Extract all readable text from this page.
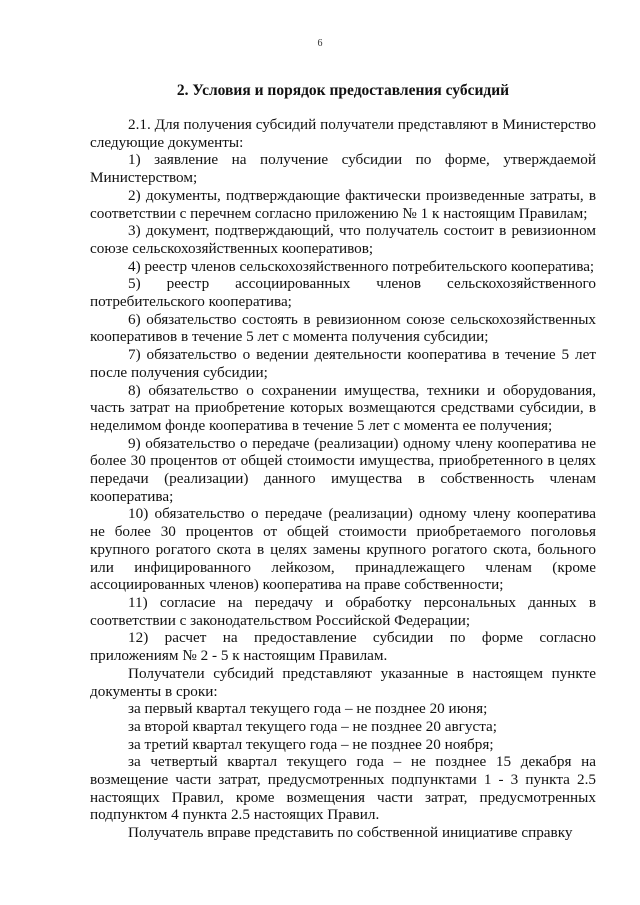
6
2. Условия и порядок предоставления субсидий

2.1. Для получения субсидий получатели представляют в Министерство следующие документы:

1) заявление на получение субсидии по форме, утверждаемой Министерством;

2) документы, подтверждающие фактически произведенные затраты, в соответствии с перечнем согласно приложению № 1 к настоящим Правилам;

3) документ, подтверждающий, что получатель состоит в ревизионном союзе сельскохозяйственных кооперативов;

4) реестр членов сельскохозяйственного потребительского кооператива;

5) реестр ассоциированных членов сельскохозяйственного потребительского кооператива;

6) обязательство состоять в ревизионном союзе сельскохозяйственных кооперативов в течение 5 лет с момента получения субсидии;

7) обязательство о ведении деятельности кооператива в течение 5 лет после получения субсидии;

8) обязательство о сохранении имущества, техники и оборудования, часть затрат на приобретение которых возмещаются средствами субсидии, в неделимом фонде кооператива в течение 5 лет с момента ее получения;

9) обязательство о передаче (реализации) одному члену кооператива не более 30 процентов от общей стоимости имущества, приобретенного в целях передачи (реализации) данного имущества в собственность членам кооператива;

10) обязательство о передаче (реализации) одному члену кооператива не более 30 процентов от общей стоимости приобретаемого поголовья крупного рогатого скота в целях замены крупного рогатого скота, больного или инфицированного лейкозом, принадлежащего членам (кроме ассоциированных членов) кооператива на праве собственности;

11) согласие на передачу и обработку персональных данных в соответствии с законодательством Российской Федерации;

12) расчет на предоставление субсидии по форме согласно приложениям № 2 - 5 к настоящим Правилам.

Получатели субсидий представляют указанные в настоящем пункте документы в сроки:

за первый квартал текущего года – не позднее 20 июня;

за второй квартал текущего года – не позднее 20 августа;

за третий квартал текущего года – не позднее 20 ноября;

за четвертый квартал текущего года – не позднее 15 декабря на возмещение части затрат, предусмотренных подпунктами 1 - 3 пункта 2.5 настоящих Правил, кроме возмещения части затрат, предусмотренных подпунктом 4 пункта 2.5 настоящих Правил.

Получатель вправе представить по собственной инициативе справку
